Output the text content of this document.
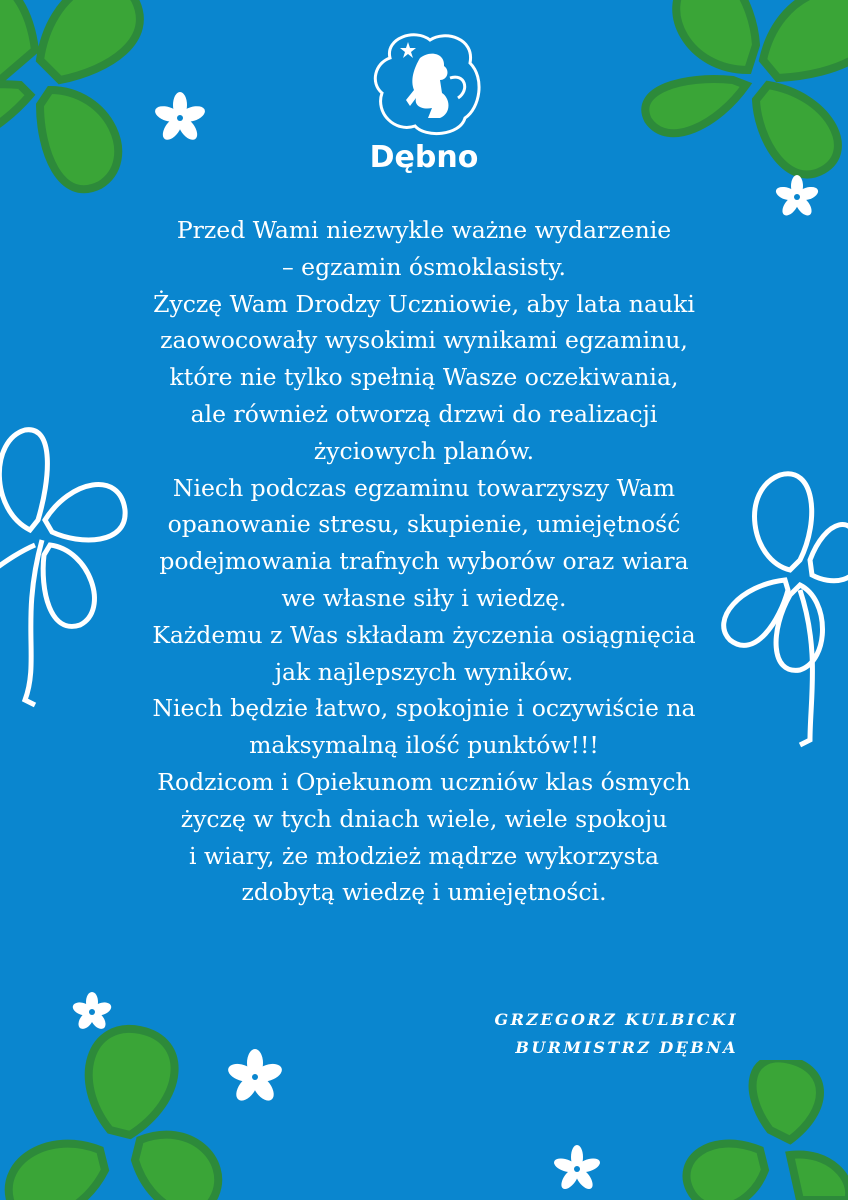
Dębno
Przed Wami niezwykle ważne wydarzenie
– egzamin ósmoklasisty.
Życzę Wam Drodzy Uczniowie, aby lata nauki
zaowocowały wysokimi wynikami egzaminu,
które nie tylko spełnią Wasze oczekiwania,
ale również otworzą drzwi do realizacji
życiowych planów.
Niech podczas egzaminu towarzyszy Wam
opanowanie stresu, skupienie, umiejętność
podejmowania trafnych wyborów oraz wiara
we własne siły i wiedzę.
Każdemu z Was składam życzenia osiągnięcia
jak najlepszych wyników.
Niech będzie łatwo, spokojnie i oczywiście na
maksymalną ilość punktów!!!
Rodzicom i Opiekunom uczniów klas ósmych
życzę w tych dniach wiele, wiele spokoju
i wiary, że młodzież mądrze wykorzysta
zdobytą wiedzę i umiejętności.
GRZEGORZ KULBICKI
BURMISTRZ DĘBNA
